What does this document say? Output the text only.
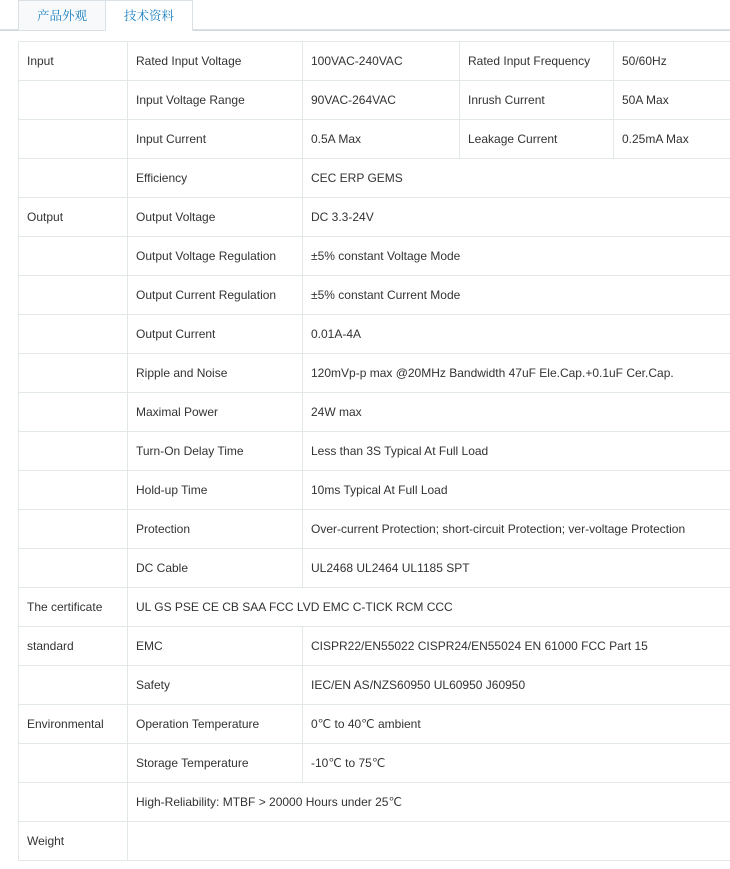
产品外观	技术资料
Input	Rated Input Voltage	100VAC-240VAC	Rated Input Frequency	50/60Hz
	Input Voltage Range	90VAC-264VAC	Inrush Current	50A Max
	Input Current	0.5A Max	Leakage Current	0.25mA Max
	Efficiency	CEC ERP GEMS		
Output	Output Voltage	DC 3.3-24V		
	Output Voltage Regulation	±5% constant Voltage Mode		
	Output Current Regulation	±5% constant Current Mode		
	Output Current	0.01A-4A		
	Ripple and Noise	120mVp-p max @20MHz Bandwidth 47uF Ele.Cap.+0.1uF Cer.Cap.		
	Maximal Power	24W max		
	Turn-On Delay Time	Less than 3S Typical At Full Load		
	Hold-up Time	10ms Typical At Full Load		
	Protection	Over-current Protection; short-circuit Protection; ver-voltage Protection		
	DC Cable	UL2468 UL2464 UL1185 SPT		
The certificate	UL GS PSE CE CB SAA FCC LVD EMC C-TICK RCM CCC			
standard	EMC	CISPR22/EN55022 CISPR24/EN55024 EN 61000 FCC Part 15		
	Safety	IEC/EN AS/NZS60950 UL60950 J60950		
Environmental	Operation Temperature	0℃ to 40℃ ambient		
	Storage Temperature	-10℃ to 75℃		
	High-Reliability: MTBF > 20000 Hours under 25℃			
Weight				
